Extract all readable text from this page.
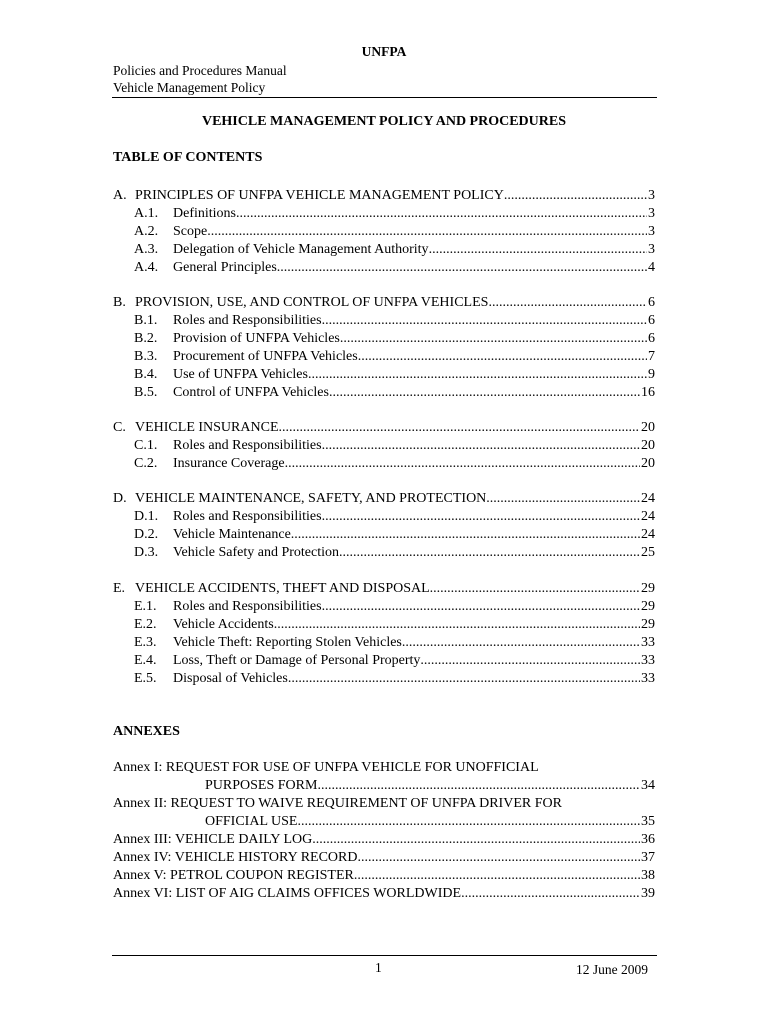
UNFPA
Policies and Procedures Manual
Vehicle Management Policy
VEHICLE MANAGEMENT POLICY AND PROCEDURES
TABLE OF CONTENTS
A. PRINCIPLES OF UNFPA VEHICLE MANAGEMENT POLICY .....	3
A.1.	Definitions .....	3
A.2.	Scope .....	3
A.3.	Delegation of Vehicle Management Authority .....	3
A.4.	General Principles .....	4
B. PROVISION, USE, AND CONTROL OF UNFPA VEHICLES .....	6
B.1.	Roles and Responsibilities .....	6
B.2.	Provision of UNFPA Vehicles .....	6
B.3.	Procurement of UNFPA Vehicles .....	7
B.4.	Use of UNFPA Vehicles .....	9
B.5.	Control of UNFPA Vehicles .....	16
C. VEHICLE INSURANCE .....	20
C.1.	Roles and Responsibilities .....	20
C.2.	Insurance Coverage .....	20
D. VEHICLE MAINTENANCE, SAFETY, AND PROTECTION .....	24
D.1.	Roles and Responsibilities .....	24
D.2.	Vehicle Maintenance .....	24
D.3.	Vehicle Safety and Protection .....	25
E. VEHICLE ACCIDENTS, THEFT AND DISPOSAL .....	29
E.1.	Roles and Responsibilities .....	29
E.2.	Vehicle Accidents .....	29
E.3.	Vehicle Theft: Reporting Stolen Vehicles .....	33
E.4.	Loss, Theft or Damage of Personal Property .....	33
E.5.	Disposal of Vehicles .....	33
ANNEXES
Annex I: REQUEST FOR USE OF UNFPA VEHICLE FOR UNOFFICIAL
PURPOSES FORM .....	34
Annex II: REQUEST TO WAIVE REQUIREMENT OF UNFPA DRIVER FOR
OFFICIAL USE .....	35
Annex III: VEHICLE DAILY LOG .....	36
Annex IV: VEHICLE HISTORY RECORD .....	37
Annex V: PETROL COUPON REGISTER .....	38
Annex VI: LIST OF AIG CLAIMS OFFICES WORLDWIDE .....	39
1	12 June 2009
